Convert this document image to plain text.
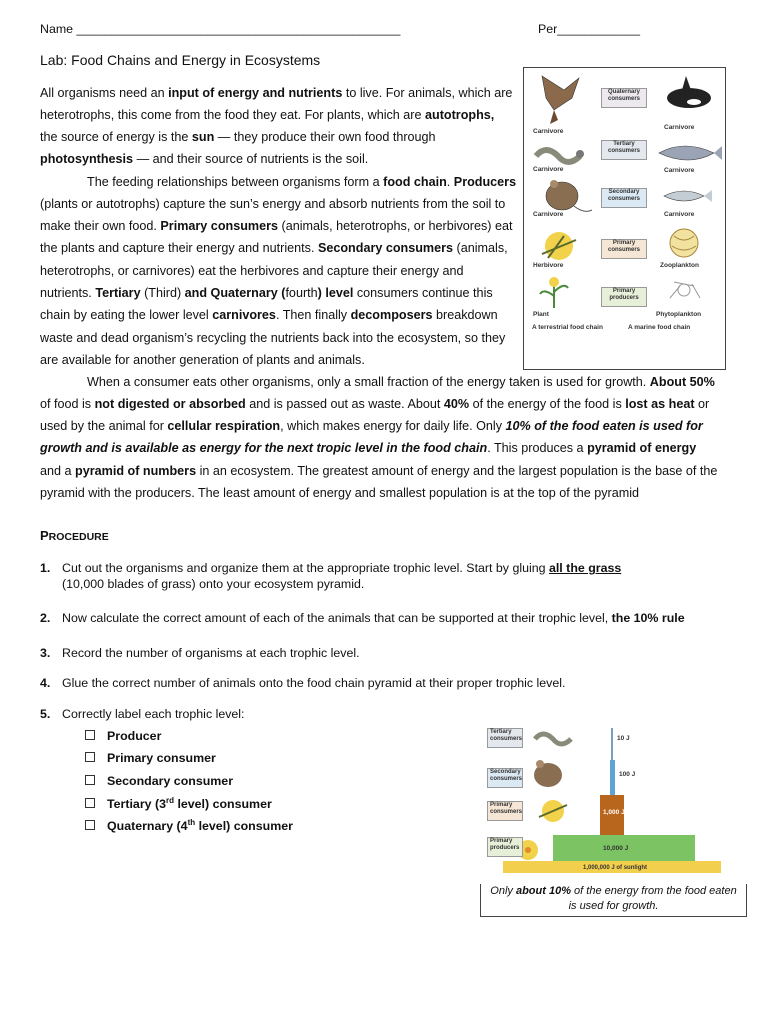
Name _______________________________________________	Per____________
Lab: Food Chains and Energy in Ecosystems
All organisms need an input of energy and nutrients to live. For animals, which are
heterotrophs, this come from the food they eat. For plants, which are autotrophs,
the source of energy is the sun — they produce their own food through
photosynthesis — and their source of nutrients is the soil.
The feeding relationships between organisms form a food chain. Producers
(plants or autotrophs) capture the sun’s energy and absorb nutrients from the soil to
make their own food. Primary consumers (animals, heterotrophs, or herbivores) eat
the plants and capture their energy and nutrients. Secondary consumers (animals,
heterotrophs, or carnivores) eat the herbivores and capture their energy and
nutrients. Tertiary (Third) and Quaternary (fourth) level consumers continue this
chain by eating the lower level carnivores. Then finally decomposers breakdown
waste and dead organism’s recycling the nutrients back into the ecosystem, so they
are available for another generation of plants and animals.
Quaternary consumers
Tertiary consumers
Secondary consumers
Primary consumers
Primary producers
Carnivore
Carnivore
Carnivore
Herbivore
Plant
Carnivore
Carnivore
Carnivore
Zooplankton
Phytoplankton
A terrestrial food chain	A marine food chain
When a consumer eats other organisms, only a small fraction of the energy taken is used for growth. About 50%
of food is not digested or absorbed and is passed out as waste. About 40% of the energy of the food is lost as heat or
used by the animal for cellular respiration, which makes energy for daily life. Only 10% of the food eaten is used for
growth and is available as energy for the next tropic level in the food chain. This produces a pyramid of energy
and a pyramid of numbers in an ecosystem. The greatest amount of energy and the largest population is the base of the
pyramid with the producers. The least amount of energy and smallest population is at the top of the pyramid
PROCEDURE
1. Cut out the organisms and organize them at the appropriate trophic level. Start by gluing all the grass
(10,000 blades of grass) onto your ecosystem pyramid.
2. Now calculate the correct amount of each of the animals that can be supported at their trophic level, the 10% rule
3. Record the number of organisms at each trophic level.
4. Glue the correct number of animals onto the food chain pyramid at their proper trophic level.
5. Correctly label each trophic level:
Producer
Primary consumer
Secondary consumer
Tertiary (3rd level) consumer
Quaternary (4th level) consumer
Tertiary consumers
Secondary consumers
Primary consumers
Primary producers
10 J
100 J
1,000 J
10,000 J
1,000,000 J of sunlight
Only about 10% of the energy from the food eaten
is used for growth.
